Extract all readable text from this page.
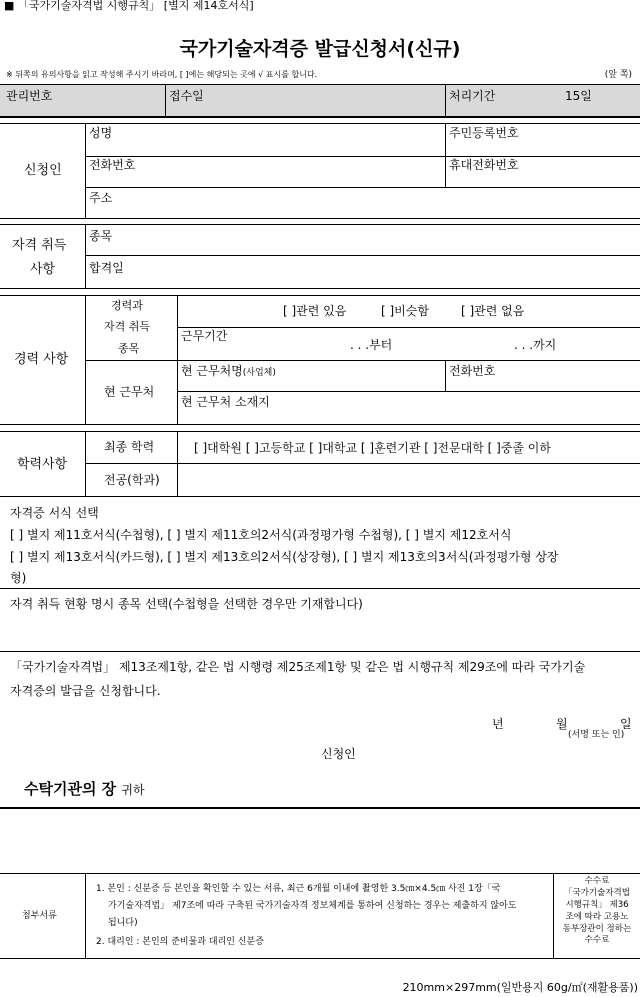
■ 「국가기술자격법 시행규칙」 [별지 제14호서식]
국가기술자격증 발급신청서(신규)
※ 뒤쪽의 유의사항을 읽고 작성해 주시기 바라며, [ ]에는 해당되는 곳에 √ 표시를 합니다.	(앞 쪽)
관리번호	접수일	처리기간	15일
신청인
성명	주민등록번호
전화번호	휴대전화번호
주소
자격 취득
사항
종목
합격일
경력 사항
경력과
자격 취득
종목
[ ]관련 있음	[ ]비슷함	[ ]관련 없음
근무기간
. . .부터	. . .까지
현 근무처
현 근무처명(사업체)	전화번호
현 근무처 소재지
학력사항
최종 학력	[ ]대학원 [ ]고등학교 [ ]대학교 [ ]훈련기관 [ ]전문대학 [ ]중졸 이하
전공(학과)
자격증 서식 선택
[ ] 별지 제11호서식(수첩형), [ ] 별지 제11호의2서식(과정평가형 수첩형), [ ] 별지 제12호서식
[ ] 별지 제13호서식(카드형), [ ] 별지 제13호의2서식(상장형), [ ] 별지 제13호의3서식(과정평가형 상장
형)
자격 취득 현황 명시 종목 선택(수첩형을 선택한 경우만 기재합니다)
「국가기술자격법」 제13조제1항, 같은 법 시행령 제25조제1항 및 같은 법 시행규칙 제29조에 따라 국가기술
자격증의 발급을 신청합니다.
년	월	일
신청인
(서명 또는 인)
수탁기관의 장 귀하
첨부서류
1. 본인 : 신분증 등 본인을 확인할 수 있는 서류, 최근 6개월 이내에 촬영한 3.5㎝×4.5㎝ 사진 1장「국
가기술자격법」 제7조에 따라 구축된 국가기술자격 정보체계를 통하여 신청하는 경우는 제출하지 않아도
됩니다)
2. 대리인 : 본인의 준비물과 대리인 신분증
수수료
「국가기술자격법
시행규칙」 제36
조에 따라 고용노
동부장관이 정하는
수수료
210mm×297mm(일반용지 60g/㎡(재활용품))
